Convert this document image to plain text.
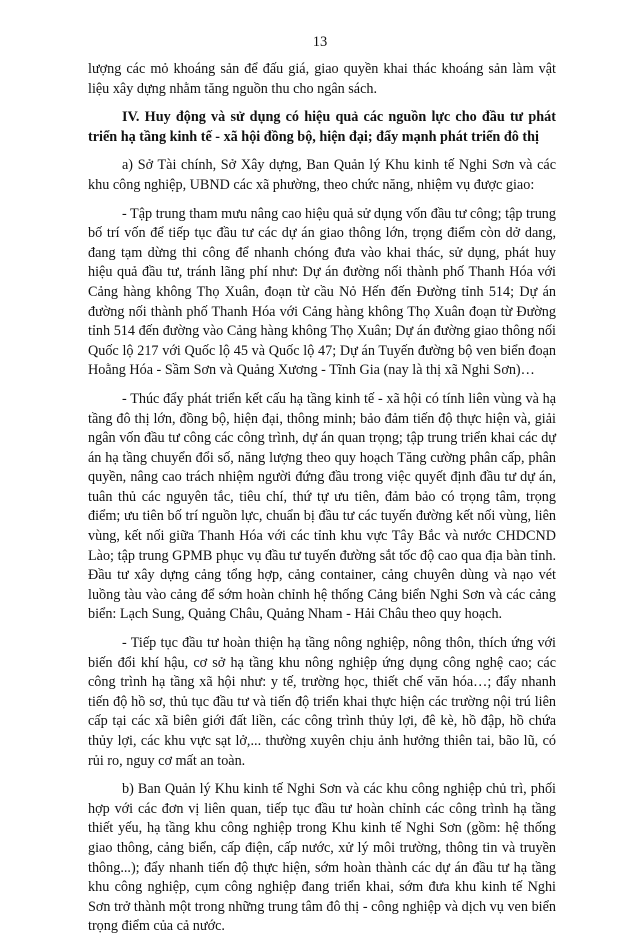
13

lượng các mỏ khoáng sản để đấu giá, giao quyền khai thác khoáng sản làm vật liệu xây dựng nhằm tăng nguồn thu cho ngân sách.

IV. Huy động và sử dụng có hiệu quả các nguồn lực cho đầu tư phát triển hạ tầng kinh tế - xã hội đồng bộ, hiện đại; đẩy mạnh phát triển đô thị

a) Sở Tài chính, Sở Xây dựng, Ban Quản lý Khu kinh tế Nghi Sơn và các khu công nghiệp, UBND các xã phường, theo chức năng, nhiệm vụ được giao:

- Tập trung tham mưu nâng cao hiệu quả sử dụng vốn đầu tư công; tập trung bố trí vốn để tiếp tục đầu tư các dự án giao thông lớn, trọng điểm còn dở dang, đang tạm dừng thi công để nhanh chóng đưa vào khai thác, sử dụng, phát huy hiệu quả đầu tư, tránh lãng phí như: Dự án đường nối thành phố Thanh Hóa với Cảng hàng không Thọ Xuân, đoạn từ cầu Nỏ Hến đến Đường tỉnh 514; Dự án đường nối thành phố Thanh Hóa với Cảng hàng không Thọ Xuân đoạn từ Đường tỉnh 514 đến đường vào Cảng hàng không Thọ Xuân; Dự án đường giao thông nối Quốc lộ 217 với Quốc lộ 45 và Quốc lộ 47; Dự án Tuyến đường bộ ven biển đoạn Hoằng Hóa - Sầm Sơn và Quảng Xương - Tĩnh Gia (nay là thị xã Nghi Sơn)…

- Thúc đẩy phát triển kết cấu hạ tầng kinh tế - xã hội có tính liên vùng và hạ tầng đô thị lớn, đồng bộ, hiện đại, thông minh; bảo đảm tiến độ thực hiện và, giải ngân vốn đầu tư công các công trình, dự án quan trọng; tập trung triển khai các dự án hạ tầng chuyển đổi số, năng lượng theo quy hoạch Tăng cường phân cấp, phân quyền, nâng cao trách nhiệm người đứng đầu trong việc quyết định đầu tư dự án, tuân thủ các nguyên tắc, tiêu chí, thứ tự ưu tiên, đảm bảo có trọng tâm, trọng điểm; ưu tiên bố trí nguồn lực, chuẩn bị đầu tư các tuyến đường kết nối vùng, liên vùng, kết nối giữa Thanh Hóa với các tỉnh khu vực Tây Bắc và nước CHDCND Lào; tập trung GPMB phục vụ đầu tư tuyến đường sắt tốc độ cao qua địa bàn tỉnh. Đầu tư xây dựng cảng tổng hợp, cảng container, cảng chuyên dùng và nạo vét luồng tàu vào cảng để sớm hoàn chỉnh hệ thống Cảng biển Nghi Sơn và các cảng biển: Lạch Sung, Quảng Châu, Quảng Nham - Hải Châu theo quy hoạch.

- Tiếp tục đầu tư hoàn thiện hạ tầng nông nghiệp, nông thôn, thích ứng với biến đổi khí hậu, cơ sở hạ tầng khu nông nghiệp ứng dụng công nghệ cao; các công trình hạ tầng xã hội như: y tế, trường học, thiết chế văn hóa…; đẩy nhanh tiến độ hồ sơ, thủ tục đầu tư và tiến độ triển khai thực hiện các trường nội trú liên cấp tại các xã biên giới đất liền, các công trình thủy lợi, đê kè, hồ đập, hồ chứa thủy lợi, các khu vực sạt lở,... thường xuyên chịu ảnh hưởng thiên tai, bão lũ, có rủi ro, nguy cơ mất an toàn.

b) Ban Quản lý Khu kinh tế Nghi Sơn và các khu công nghiệp chủ trì, phối hợp với các đơn vị liên quan, tiếp tục đầu tư hoàn chỉnh các công trình hạ tầng thiết yếu, hạ tầng khu công nghiệp trong Khu kinh tế Nghi Sơn (gồm: hệ thống giao thông, cảng biển, cấp điện, cấp nước, xử lý môi trường, thông tin và truyền thông...); đẩy nhanh tiến độ thực hiện, sớm hoàn thành các dự án đầu tư hạ tầng khu công nghiệp, cụm công nghiệp đang triển khai, sớm đưa khu kinh tế Nghi Sơn trở thành một trong những trung tâm đô thị - công nghiệp và dịch vụ ven biển trọng điểm của cả nước.
